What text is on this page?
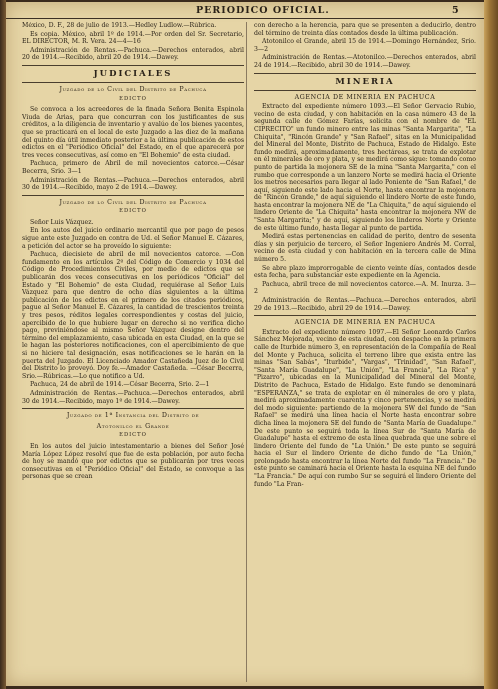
PERIODICO OFICIAL.	5

México, D. F., 28 de julio de 1913.—Hedley Ludlow.—Rúbrica.

Es copia. México, abril 1º de 1914.—Por orden del Sr. Secretario, EL DIRECTOR, M. R. Vera. 24—4—16

Administración de Rentas.—Pachuca.—Derechos enterados, abril 20 de 1914.—Recibido, abril 20 de 1914.—Dawey.

JUDICIALES
Juzgado de lo Civil del Distrito de Pachuca
EDICTO

Se convoca a los acreedores de la finada Señora Benita Espinola Viuda de Arias, para que concurran con los justificantes de sus créditos, a la diligencia de inventario y avalúo de los bienes yacentes, que se practicará en el local de este Juzgado a las diez de la mañana del quinto día útil inmediato posterior a la última publicación de estos edictos en el "Periódico Oficial" del Estado, en el que aparecerá por tres veces consecutivas, así como en "El Bohemio" de esta ciudad.

Pachuca, primero de Abril de mil novecientos catorce.—César Becerra, Srio. 3—1

Administración de Rentas.—Pachuca.—Derechos enterados, abril 30 de 1914.—Recibido, mayo 2 de 1914.—Dawey.

Juzgado de lo Civil del Distrito de Pachuca
EDICTO

Señor Luis Vázquez.

En los autos del juicio ordinario mercantil que por pago de pesos sigue ante este Juzgado en contra de Ud. el Señor Manuel E. Cázares, a petición del actor se ha proveído lo siguiente:

Pachuca, diecisiete de abril de mil novecientos catorce. —Con fundamento en los artículos 2º del Código de Comercio y 1034 del Código de Procedimientos Civiles, por medio de edictos que se publicarán dos veces consecutivas en los periódicos "Oficial" del Estado y "El Bohemio" de esta Ciudad, requiérase al Señor Luis Vázquez para que dentro de ocho días siguientes a la última publicación de los edictos en el primero de los citados periódicos, pague al Señor Manuel E. Cázares, la cantidad de trescientos treinta y tres pesos, réditos legales correspondientes y costas del juicio, apercibido de lo que hubiere lugar en derecho si no verifica dicho pago, previniéndose al mismo Señor Vázquez designe dentro del término del emplazamiento, casa ubicada en esta Ciudad, en la que se le hagan las posteriores notificaciones, con el apercibimiento de que si no hiciere tal designación, esas notificaciones se le harán en la puerta del Juzgado. El Licenciado Amador Castañeda Juez de lo Civil del Distrito lo proveyó. Doy fe.—Amador Castañeda. —César Becerra, Srio.—Rúbricas.—Lo que notifico a Ud.

Pachuca, 24 de abril de 1914.—César Becerra, Srio. 2—1

Administración de Rentas.—Pachuca.—Derechos enterados, abril 30 de 1914.—Recibido, mayo 1º de 1914.—Dawey.

Juzgado de 1ª Instancia del Distrito de
Atotonilco el Grande
EDICTO

En los autos del juicio intestamentario a bienes del Señor José María López López resolví que fue de esta población, por auto fecha de hoy se mandó que por edictos que se publicarán por tres veces consecutivas en el "Periódico Oficial" del Estado, se convoque a las personas que se crean

con derecho a la herencia, para que se presenten a deducirlo, dentro del término de treinta días contados desde la última publicación.

Atotonilco el Grande, abril 15 de 1914.—Domingo Hernández, Srio. 3—2

Administración de Rentas.—Atotonilco.—Derechos enterados, abril 24 de 1914.—Recibido, abril 30 de 1914.—Dawey.

MINERIA
AGENCIA DE MINERIA EN PACHUCA

Extracto del expediente número 1093.—El Señor Gervacio Rubio, vecino de esta ciudad, y con habitación en la casa número 43 de la segunda calle de Gómez Farías, solicita con el nombre de "EL CIPRECITO" un fundo minero entre las minas "Santa Margarita", "La Chiquita", "Rincón Grande" y "San Rafael", sitas en la Municipalidad del Mineral del Monte, Distrito de Pachuca, Estado de Hidalgo. Este fundo medirá, aproximadamente, tres hectáreas, se trata de explotar en él minerales de oro y plata, y se medirá como sigue: tomando como punto de partida la mojonera SE de la mina "Santa Margarita," con el rumbo que corresponde a un lanzero Norte se medirá hacia el Oriente los metros necesarios para llegar al lado Poniente de "San Rafael," de aquí, siguiendo este lado hacia el Norte, hasta encontrar la mojonera de "Rincón Grande," de aquí siguiendo el lindero Norte de este fundo, hasta encontrar la mojonera NE de "La Chiquita," de aquí siguiendo el lindero Oriente de "La Chiquita" hasta encontrar la mojonera NW de "Santa Margarita;" y de aquí, siguiendo los linderos Norte y Oriente de este último fundo, hasta llegar al punto de partida.

Medirá estas pertenencias en calidad de perito, dentro de sesenta días y sin perjuicio de tercero, el Señor Ingeniero Andrés M. Corral, vecino de esta ciudad y con habitación en la tercera calle de Mina número 5.

Se abre plazo improrrogable de ciento veinte días, contados desde esta fecha, para substanciar este expediente en la Agencia.

Pachuca, abril trece de mil novecientos catorce.—A. M. Inurza. 3—2

Administración de Rentas.—Pachuca.—Derechos enterados, abril 29 de 1913.—Recibido, abril 29 de 1914.—Dawey.

AGENCIA DE MINERIA EN PACHUCA

Extracto del expediente número 1097.—El Señor Leonardo Carlos Sánchez Mejorada, vecino de esta ciudad, con despacho en la primera calle de Iturbide número 3, en representación de la Compañía de Real del Monte y Pachuca, solicita el terreno libre que exista entre las minas "San Sabás", "Iturbide", "Vargas", "Trinidad", "San Rafael", "Santa María Guadalupe", "La Unión", "La Francia", "La Rica" y "Pizarro", ubicadas en la Municipalidad del Mineral del Monte, Distrito de Pachuca, Estado de Hidalgo. Este fundo se denominará "ESPERANZA," se trata de explotar en él minerales de oro y plata, medirá aproximadamente cuarenta y cinco pertenencias, y se medirá del modo siguiente: partiendo de la mojonera SW del fundo de "San Rafael" se medirá una línea hacia el Norte hasta encontrar sobre dicha línea la mojonera SE del fundo de "Santa María de Guadalupe." De este punto se seguirá toda la línea Sur de "Santa María de Guadalupe" hasta el extremo de esta línea quebrada que une sobre el lindero Oriente del fundo de "La Unión." De este punto se seguirá hacia el Sur el lindero Oriente de dicho fundo de "La Unión," prolongado hasta encontrar la línea Norte del fundo "La Francia." De este punto se caminará hacia el Oriente hasta la esquina NE del fundo "La Francia." De aquí con rumbo Sur se seguirá el lindero Oriente del fundo "La Fran-
